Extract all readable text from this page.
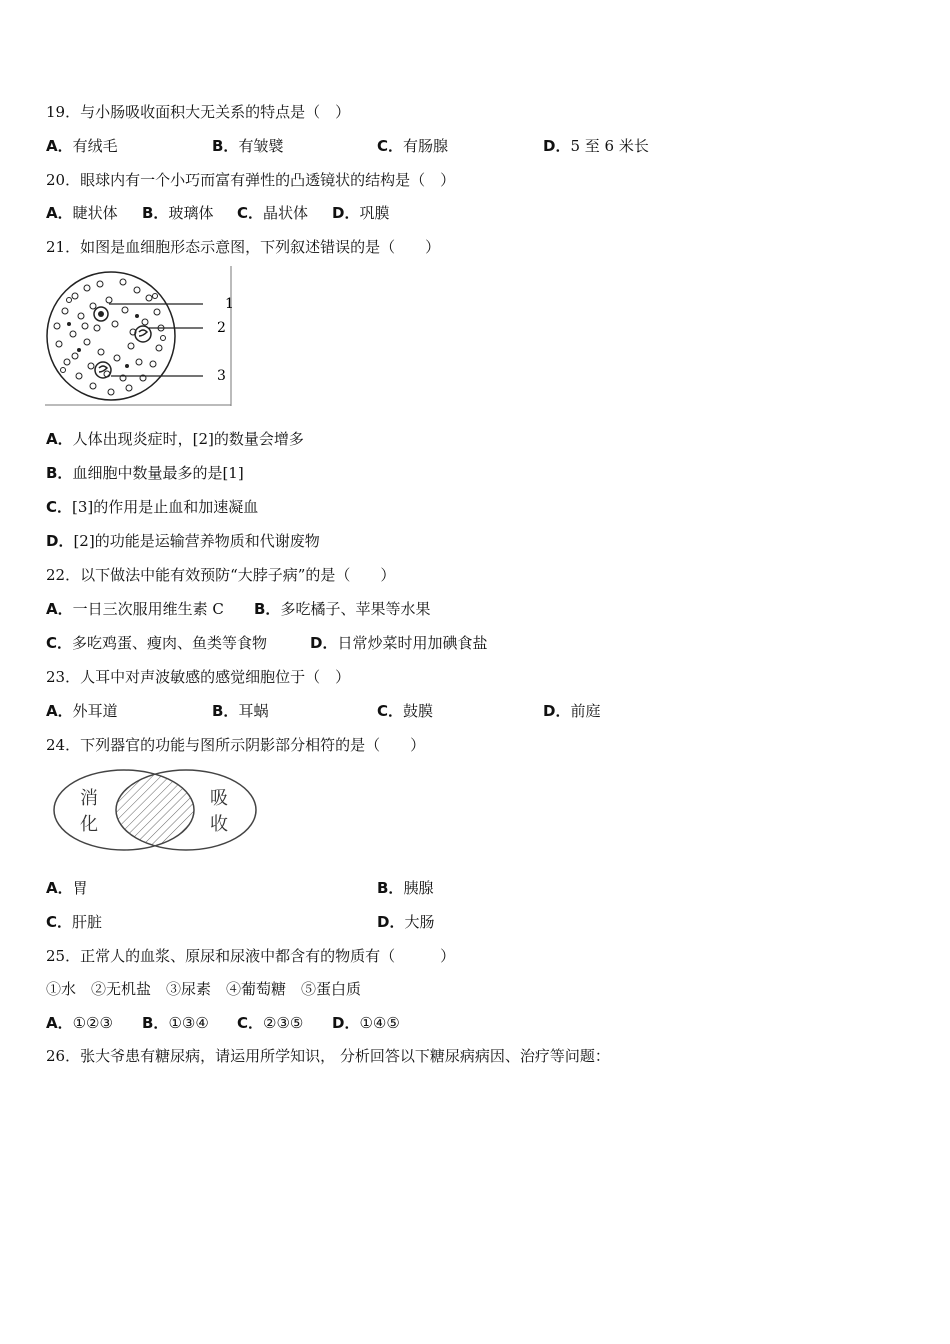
19．与小肠吸收面积大无关系的特点是（　）
A．有绒毛	B．有皱襞	C．有肠腺	D．5 至 6 米长
20．眼球内有一个小巧而富有弹性的凸透镜状的结构是（　）
A．睫状体 B．玻璃体 C．晶状体 D．巩膜
21．如图是血细胞形态示意图，下列叙述错误的是（　　）
1
2
3
A．人体出现炎症时，[2]的数量会增多
B．血细胞中数量最多的是[1]
C．[3]的作用是止血和加速凝血
D．[2]的功能是运输营养物质和代谢废物
22．以下做法中能有效预防“大脖子病”的是（　　）
A．一日三次服用维生素 C B．多吃橘子、苹果等水果
C．多吃鸡蛋、瘦肉、鱼类等食物	D．日常炒菜时用加碘食盐
23．人耳中对声波敏感的感觉细胞位于（　）
A．外耳道	B．耳蜗	C．鼓膜	D．前庭
24．下列器官的功能与图所示阴影部分相符的是（　　）
消
化
吸
收
A．胃	B．胰腺
C．肝脏	D．大肠
25．正常人的血浆、原尿和尿液中都含有的物质有（　　　）
①水　②无机盐　③尿素　④葡萄糖　⑤蛋白质
A．①②③ B．①③④ C．②③⑤ D．①④⑤
26．张大爷患有糖尿病，请运用所学知识， 分析回答以下糖尿病病因、治疗等问题：
